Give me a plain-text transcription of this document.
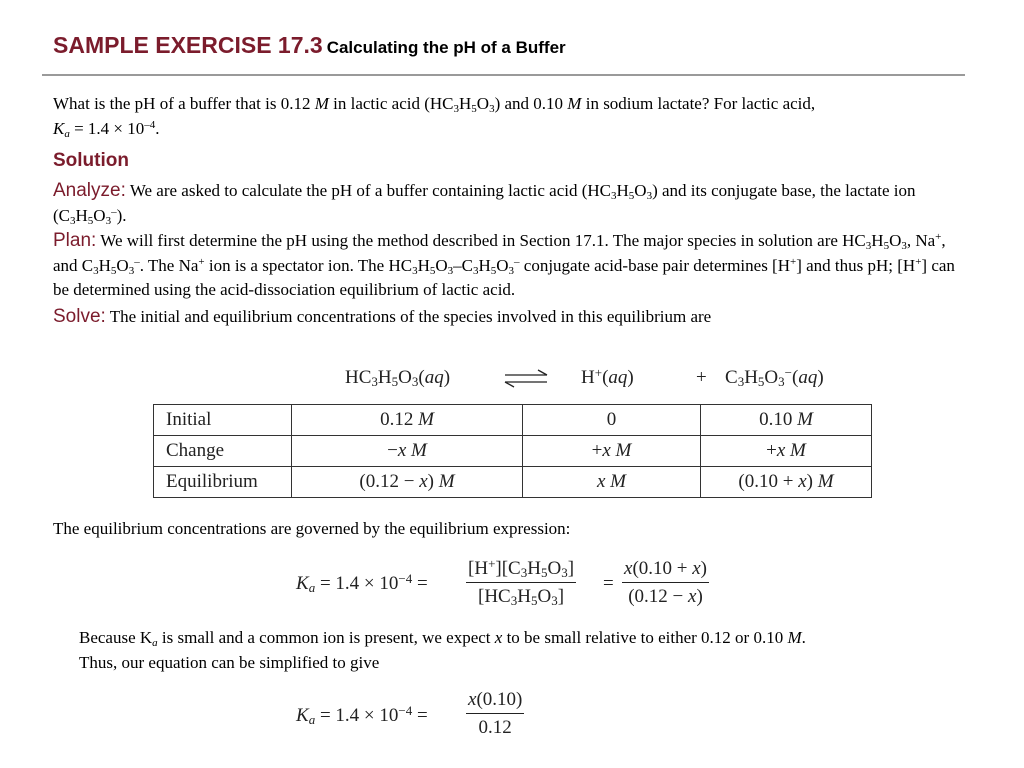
SAMPLE EXERCISE 17.3 Calculating the pH of a Buffer

What is the pH of a buffer that is 0.12 M in lactic acid $(HC_3H_5O_3)$ and 0.10 M in sodium lactate? For lactic acid,
$K_a = 1.4 \times 10^{-4}$.

Solution

Analyze: We are asked to calculate the pH of a buffer containing lactic acid $(HC_3H_5O_3)$ and its conjugate base, the lactate ion $(C_3H_5O_3^-)$.

Plan: We will first determine the pH using the method described in Section 17.1. The major species in solution are $HC_3H_5O_3$, Na+, and $C_3H_5O_3^-$. The Na+ ion is a spectator ion. The $HC_3H_5O_3-C_3H_5O_3^-$ conjugate acid-base pair determines [H+] and thus pH; [H+] can be determined using the acid-dissociation equilibrium of lactic acid.

Solve: The initial and equilibrium concentrations of the species involved in this equilibrium are

$HC_3H_5O_3(aq)$	H+(aq)	+ $C_3H_5O_3^-(aq)$
Initial	0.12 M	0	0.10 M
Change	−x M	+x M	+x M
Equilibrium	(0.12 − x) M	x M	(0.10 + x) M

The equilibrium concentrations are governed by the equilibrium expression:

$K_a = 1.4 \times 10^{-4} = \frac{[H^+][C_3H_5O_3]}{[HC_3H_5O_3]} = \frac{x(0.10 + x)}{(0.12 - x)}$

Because $K_a$ is small and a common ion is present, we expect x to be small relative to either 0.12 or 0.10 M.
Thus, our equation can be simplified to give

$K_a = 1.4 \times 10^{-4} = \frac{x(0.10)}{0.12}$
